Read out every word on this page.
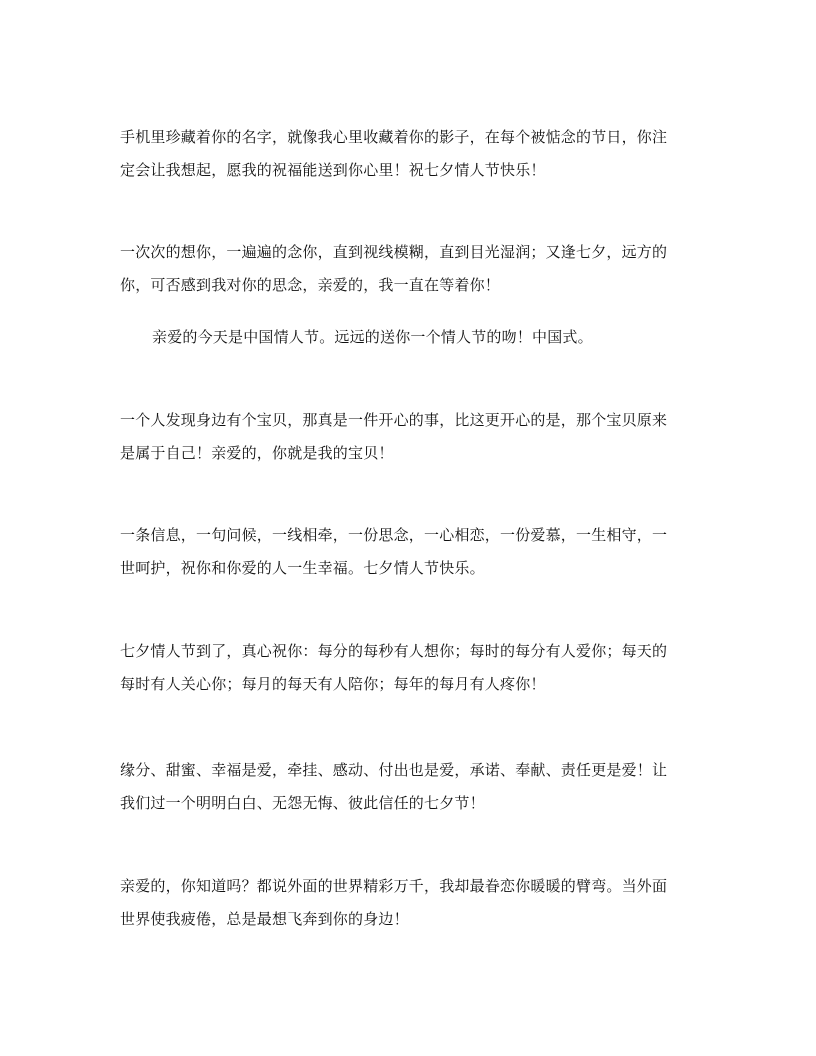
手机里珍藏着你的名字，就像我心里收藏着你的影子，在每个被惦念的节日，你注
定会让我想起，愿我的祝福能送到你心里！祝七夕情人节快乐！

一次次的想你，一遍遍的念你，直到视线模糊，直到目光湿润；又逢七夕，远方的
你，可否感到我对你的思念，亲爱的，我一直在等着你！

亲爱的今天是中国情人节。远远的送你一个情人节的吻！中国式。

一个人发现身边有个宝贝，那真是一件开心的事，比这更开心的是，那个宝贝原来
是属于自己！亲爱的，你就是我的宝贝！

一条信息，一句问候，一线相牵，一份思念，一心相恋，一份爱慕，一生相守，一
世呵护，祝你和你爱的人一生幸福。七夕情人节快乐。

七夕情人节到了，真心祝你：每分的每秒有人想你；每时的每分有人爱你；每天的
每时有人关心你；每月的每天有人陪你；每年的每月有人疼你！

缘分、甜蜜、幸福是爱，牵挂、感动、付出也是爱，承诺、奉献、责任更是爱！让
我们过一个明明白白、无怨无悔、彼此信任的七夕节！

亲爱的，你知道吗？都说外面的世界精彩万千，我却最眷恋你暖暖的臂弯。当外面
世界使我疲倦，总是最想飞奔到你的身边！
